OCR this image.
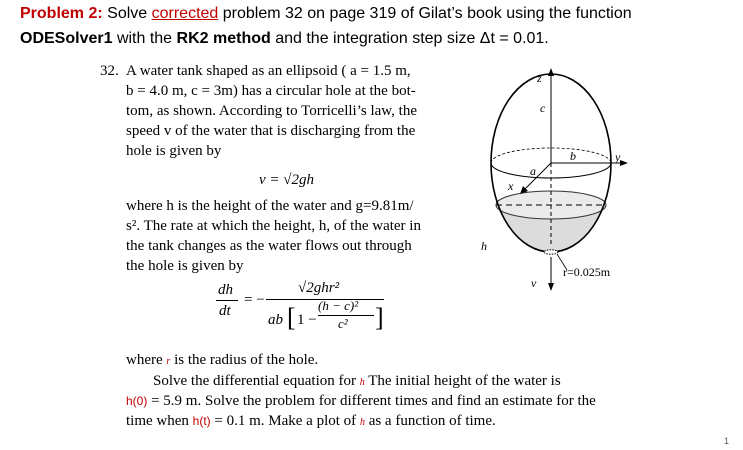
Problem 2: Solve corrected problem 32 on page 319 of Gilat’s book using the function
ODESolver1 with the RK2 method and the integration step size Δt = 0.01.
32. A water tank shaped as an ellipsoid ( a = 1.5 m,
b = 4.0 m, c = 3m) has a circular hole at the bot-
tom, as shown. According to Torricelli’s law, the
speed v of the water that is discharging from the
hole is given by
v = √2gh
where h is the height of the water and g=9.81m/
s². The rate at which the height, h, of the water in
the tank changes as the water flows out through
the hole is given by
dh
dt
= −
√2ghr²
ab [ 1 −
(h − c)²
c² ]
where r is the radius of the hole.
Solve the differential equation for h The initial height of the water is
h(0) = 5.9 m. Solve the problem for different times and find an estimate for the
time when h(t) = 0.1 m. Make a plot of h as a function of time.
z
c
a
b
x
y
h
v
r=0.025m
1
